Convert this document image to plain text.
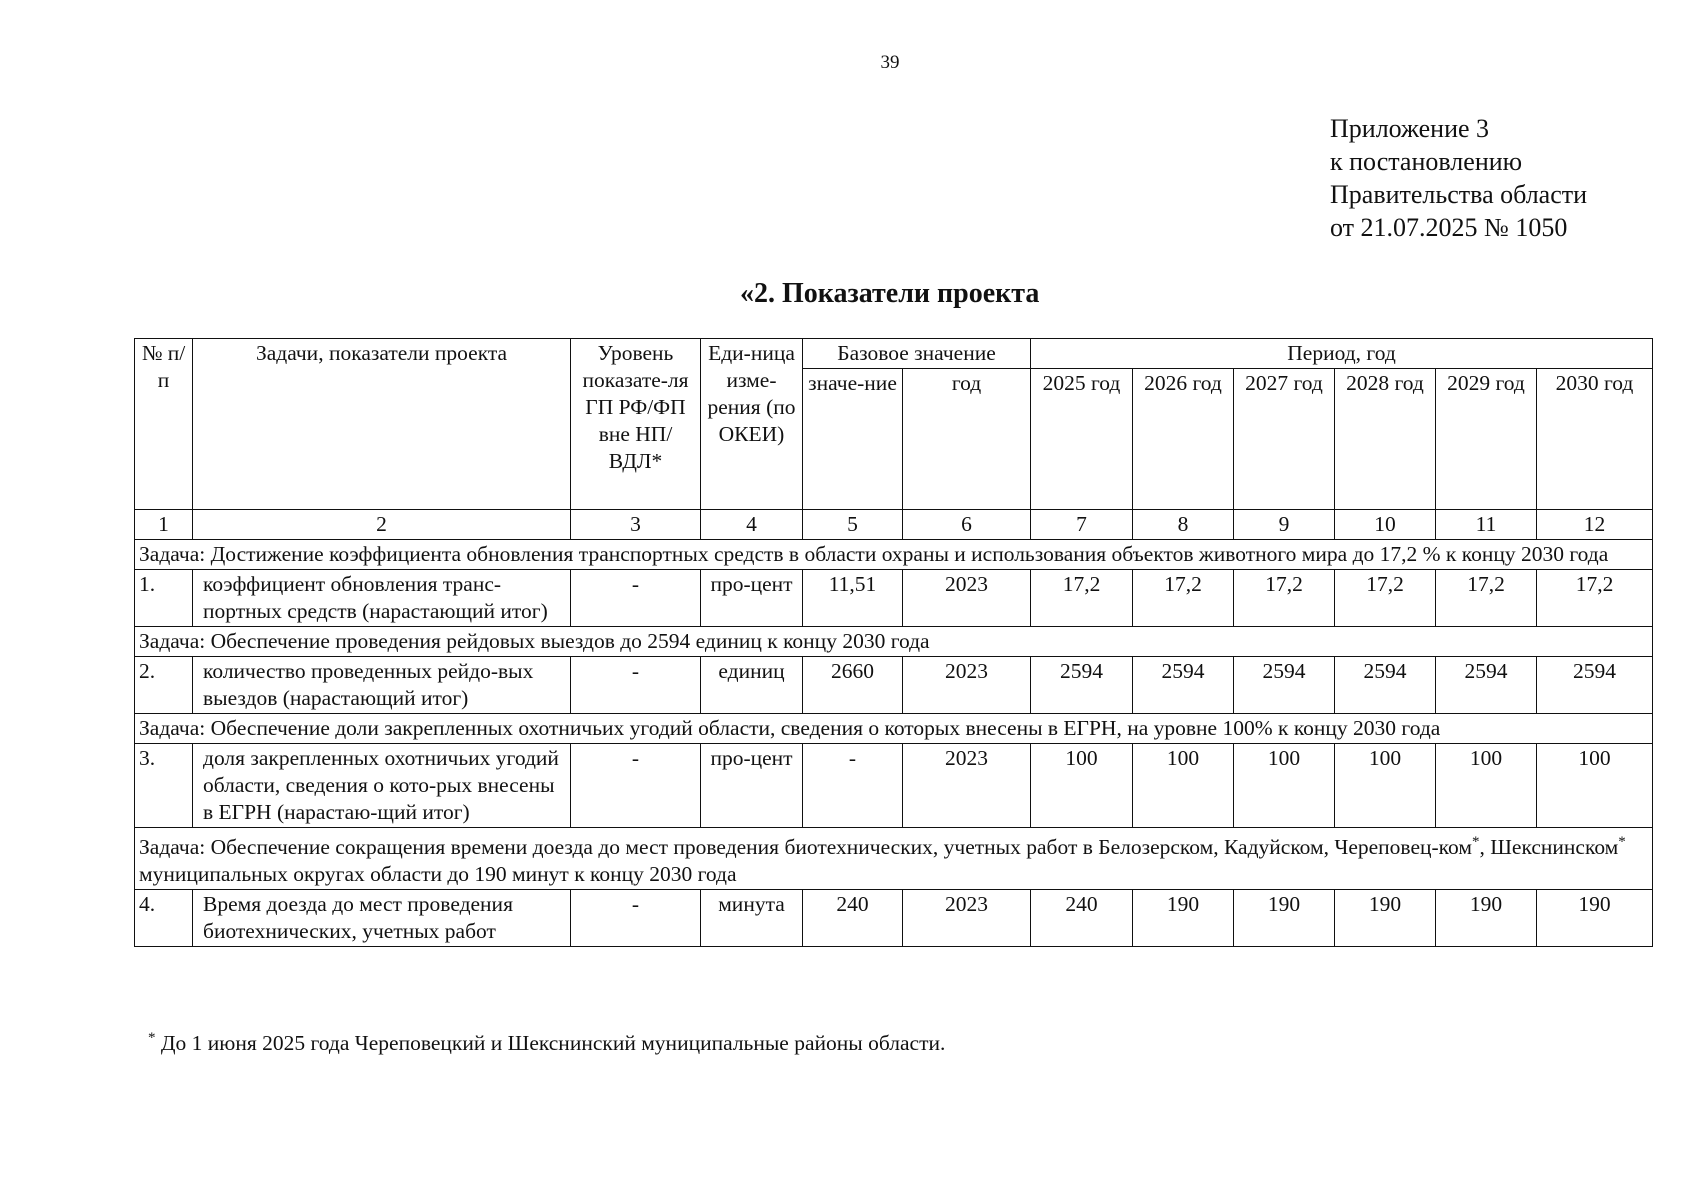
39
Приложение 3
к постановлению
Правительства области
от 21.07.2025 № 1050
«2. Показатели проекта
№ п/п	Задачи, показатели проекта	Уровень показате-ля ГП РФ/ФП вне НП/ВДЛ*	Еди-ница изме-рения (по ОКЕИ)	Базовое значение		Период, год					
				значе-ние	год	2025 год	2026 год	2027 год	2028 год	2029 год	2030 год
1	2	3	4	5	6	7	8	9	10	11	12
Задача: Достижение коэффициента обновления транспортных средств в области охраны и использования объектов животного мира до 17,2 % к концу 2030 года											
1.	коэффициент обновления транс-портных средств (нарастающий итог)	-	про-цент	11,51	2023	17,2	17,2	17,2	17,2	17,2	17,2
Задача: Обеспечение проведения рейдовых выездов до 2594 единиц к концу 2030 года											
2.	количество проведенных рейдо-вых выездов (нарастающий итог)	-	единиц	2660	2023	2594	2594	2594	2594	2594	2594
Задача: Обеспечение доли закрепленных охотничьих угодий области, сведения о которых внесены в ЕГРН, на уровне 100% к концу 2030 года											
3.	доля закрепленных охотничьих угодий области, сведения о кото-рых внесены в ЕГРН (нарастаю-щий итог)	-	про-цент	-	2023	100	100	100	100	100	100
Задача: Обеспечение сокращения времени доезда до мест проведения биотехнических, учетных работ в Белозерском, Кадуйском, Череповец-ком*, Шекснинском* муниципальных округах области до 190 минут к концу 2030 года											
4.	Время доезда до мест проведения биотехнических, учетных работ	-	минута	240	2023	240	190	190	190	190	190
* До 1 июня 2025 года Череповецкий и Шекснинский муниципальные районы области.
